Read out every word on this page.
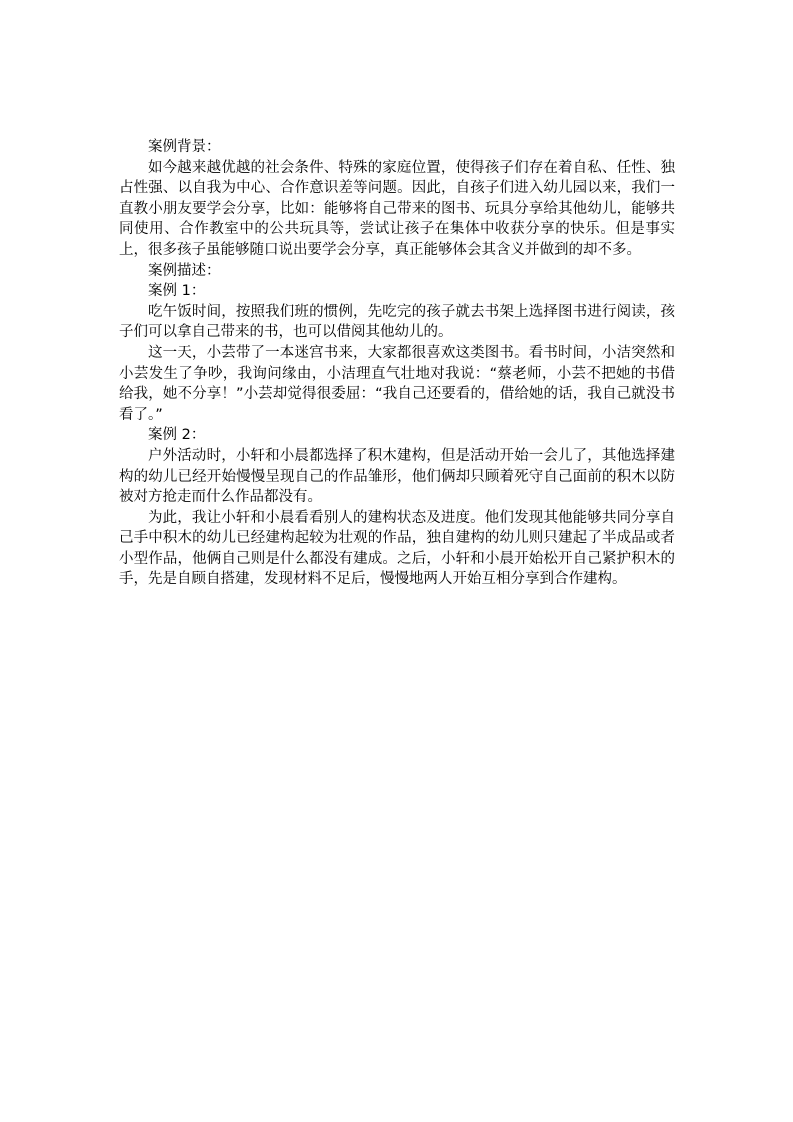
案例背景：

如今越来越优越的社会条件、特殊的家庭位置，使得孩子们存在着自私、任性、独占性强、以自我为中心、合作意识差等问题。因此，自孩子们进入幼儿园以来，我们一直教小朋友要学会分享，比如：能够将自己带来的图书、玩具分享给其他幼儿，能够共同使用、合作教室中的公共玩具等，尝试让孩子在集体中收获分享的快乐。但是事实上，很多孩子虽能够随口说出要学会分享，真正能够体会其含义并做到的却不多。

案例描述：

案例 1：

吃午饭时间，按照我们班的惯例，先吃完的孩子就去书架上选择图书进行阅读，孩子们可以拿自己带来的书，也可以借阅其他幼儿的。

这一天，小芸带了一本迷宫书来，大家都很喜欢这类图书。看书时间，小洁突然和小芸发生了争吵，我询问缘由，小洁理直气壮地对我说：“蔡老师，小芸不把她的书借给我，她不分享！”小芸却觉得很委屈：“我自己还要看的，借给她的话，我自己就没书看了。”

案例 2：

户外活动时，小轩和小晨都选择了积木建构，但是活动开始一会儿了，其他选择建构的幼儿已经开始慢慢呈现自己的作品雏形，他们俩却只顾着死守自己面前的积木以防被对方抢走而什么作品都没有。

为此，我让小轩和小晨看看别人的建构状态及进度。他们发现其他能够共同分享自己手中积木的幼儿已经建构起较为壮观的作品，独自建构的幼儿则只建起了半成品或者小型作品，他俩自己则是什么都没有建成。之后，小轩和小晨开始松开自己紧护积木的手，先是自顾自搭建，发现材料不足后，慢慢地两人开始互相分享到合作建构。
